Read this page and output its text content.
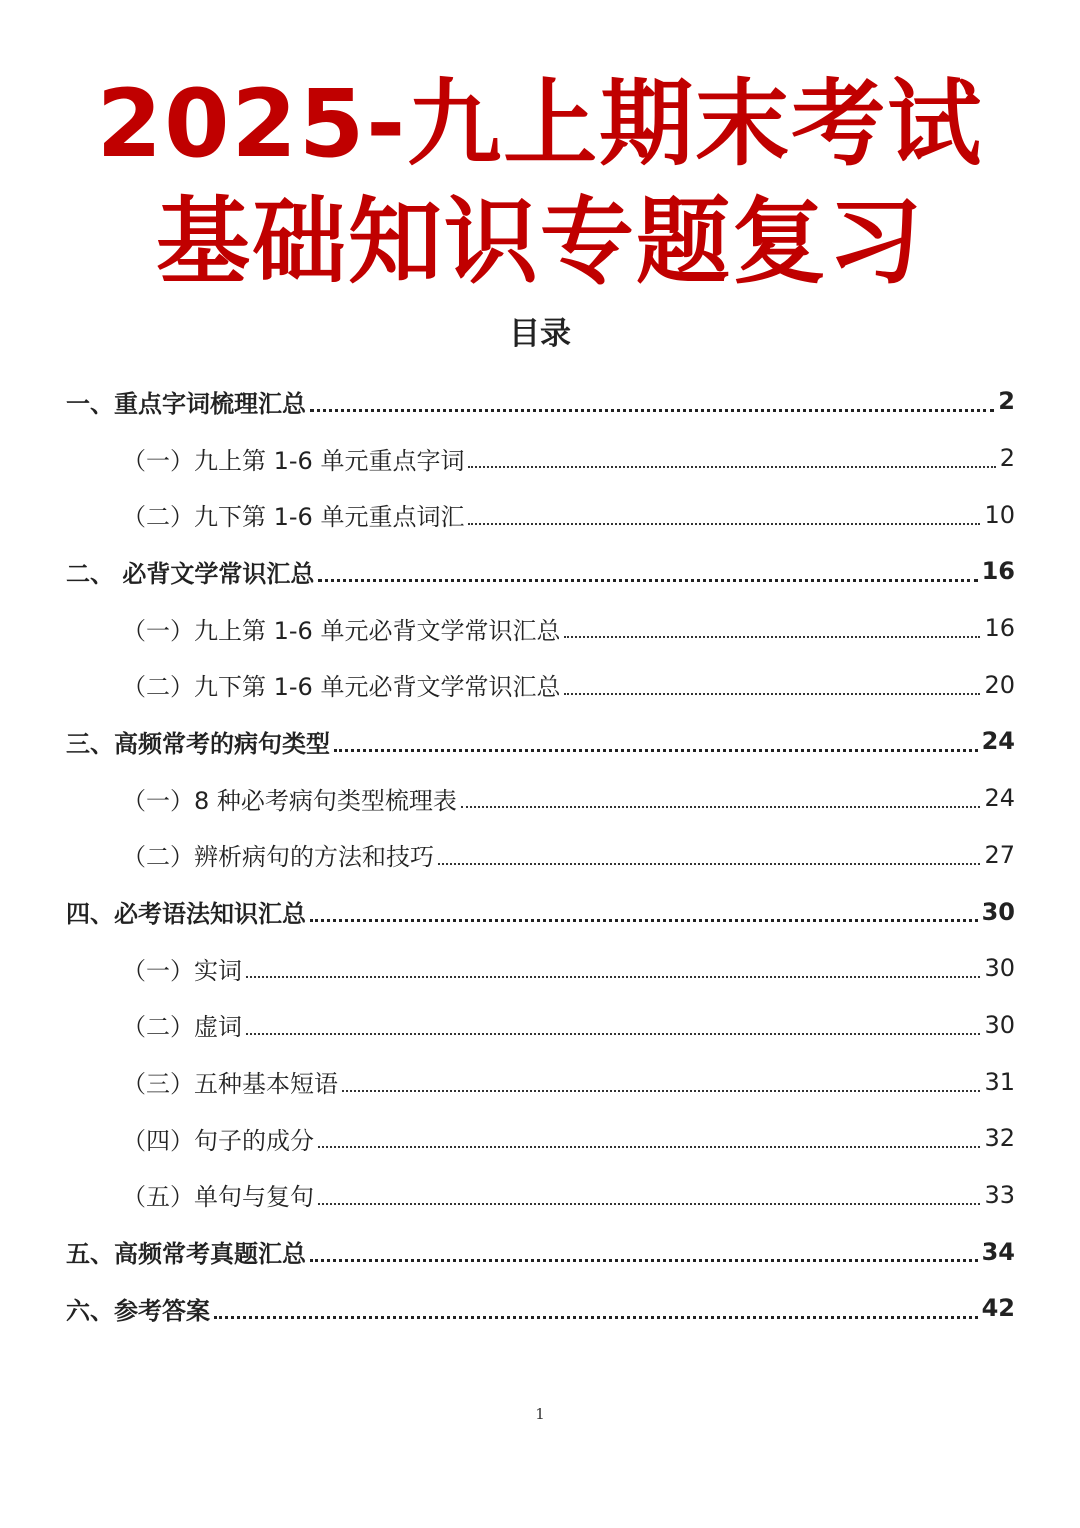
2025-九上期末考试
基础知识专题复习
目录
一、重点字词梳理汇总	2
（一）九上第 1-6 单元重点字词	2
（二）九下第 1-6 单元重点词汇	10
二、 必背文学常识汇总	16
（一）九上第 1-6 单元必背文学常识汇总	16
（二）九下第 1-6 单元必背文学常识汇总	20
三、高频常考的病句类型	24
（一）8 种必考病句类型梳理表	24
（二）辨析病句的方法和技巧	27
四、必考语法知识汇总	30
（一）实词	30
（二）虚词	30
（三）五种基本短语	31
（四）句子的成分	32
（五）单句与复句	33
五、高频常考真题汇总	34
六、参考答案	42
1
